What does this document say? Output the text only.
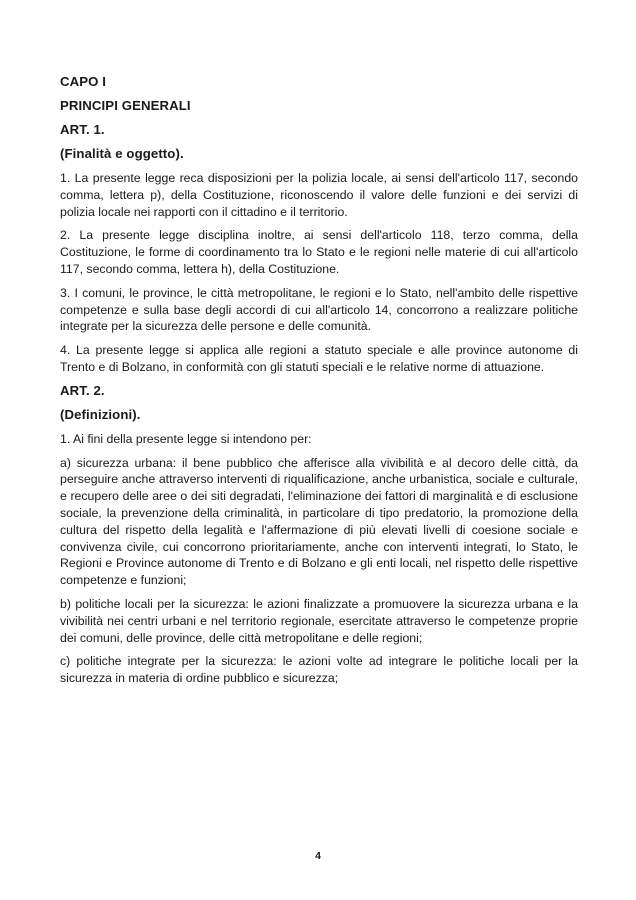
CAPO I
PRINCIPI GENERALI
ART. 1.
(Finalità e oggetto).

1. La presente legge reca disposizioni per la polizia locale, ai sensi dell'articolo 117, secondo comma, lettera p), della Costituzione, riconoscendo il valore delle funzioni e dei servizi di polizia locale nei rapporti con il cittadino e il territorio.

2. La presente legge disciplina inoltre, ai sensi dell'articolo 118, terzo comma, della Costituzione, le forme di coordinamento tra lo Stato e le regioni nelle materie di cui all'articolo 117, secondo comma, lettera h), della Costituzione.

3. I comuni, le province, le città metropolitane, le regioni e lo Stato, nell'ambito delle rispettive competenze e sulla base degli accordi di cui all'articolo 14, concorrono a realizzare politiche integrate per la sicurezza delle persone e delle comunità.

4. La presente legge si applica alle regioni a statuto speciale e alle province autonome di Trento e di Bolzano, in conformità con gli statuti speciali e le relative norme di attuazione.

ART. 2.
(Definizioni).

1. Ai fini della presente legge si intendono per:

a) sicurezza urbana: il bene pubblico che afferisce alla vivibilità e al decoro delle città, da perseguire anche attraverso interventi di riqualificazione, anche urbanistica, sociale e culturale, e recupero delle aree o dei siti degradati, l'eliminazione dei fattori di marginalità e di esclusione sociale, la prevenzione della criminalità, in particolare di tipo predatorio, la promozione della cultura del rispetto della legalità e l'affermazione di più elevati livelli di coesione sociale e convivenza civile, cui concorrono prioritariamente, anche con interventi integrati, lo Stato, le Regioni e Province autonome di Trento e di Bolzano e gli enti locali, nel rispetto delle rispettive competenze e funzioni;

b) politiche locali per la sicurezza: le azioni finalizzate a promuovere la sicurezza urbana e la vivibilità nei centri urbani e nel territorio regionale, esercitate attraverso le competenze proprie dei comuni, delle province, delle città metropolitane e delle regioni;

c) politiche integrate per la sicurezza: le azioni volte ad integrare le politiche locali per la sicurezza in materia di ordine pubblico e sicurezza;

4
